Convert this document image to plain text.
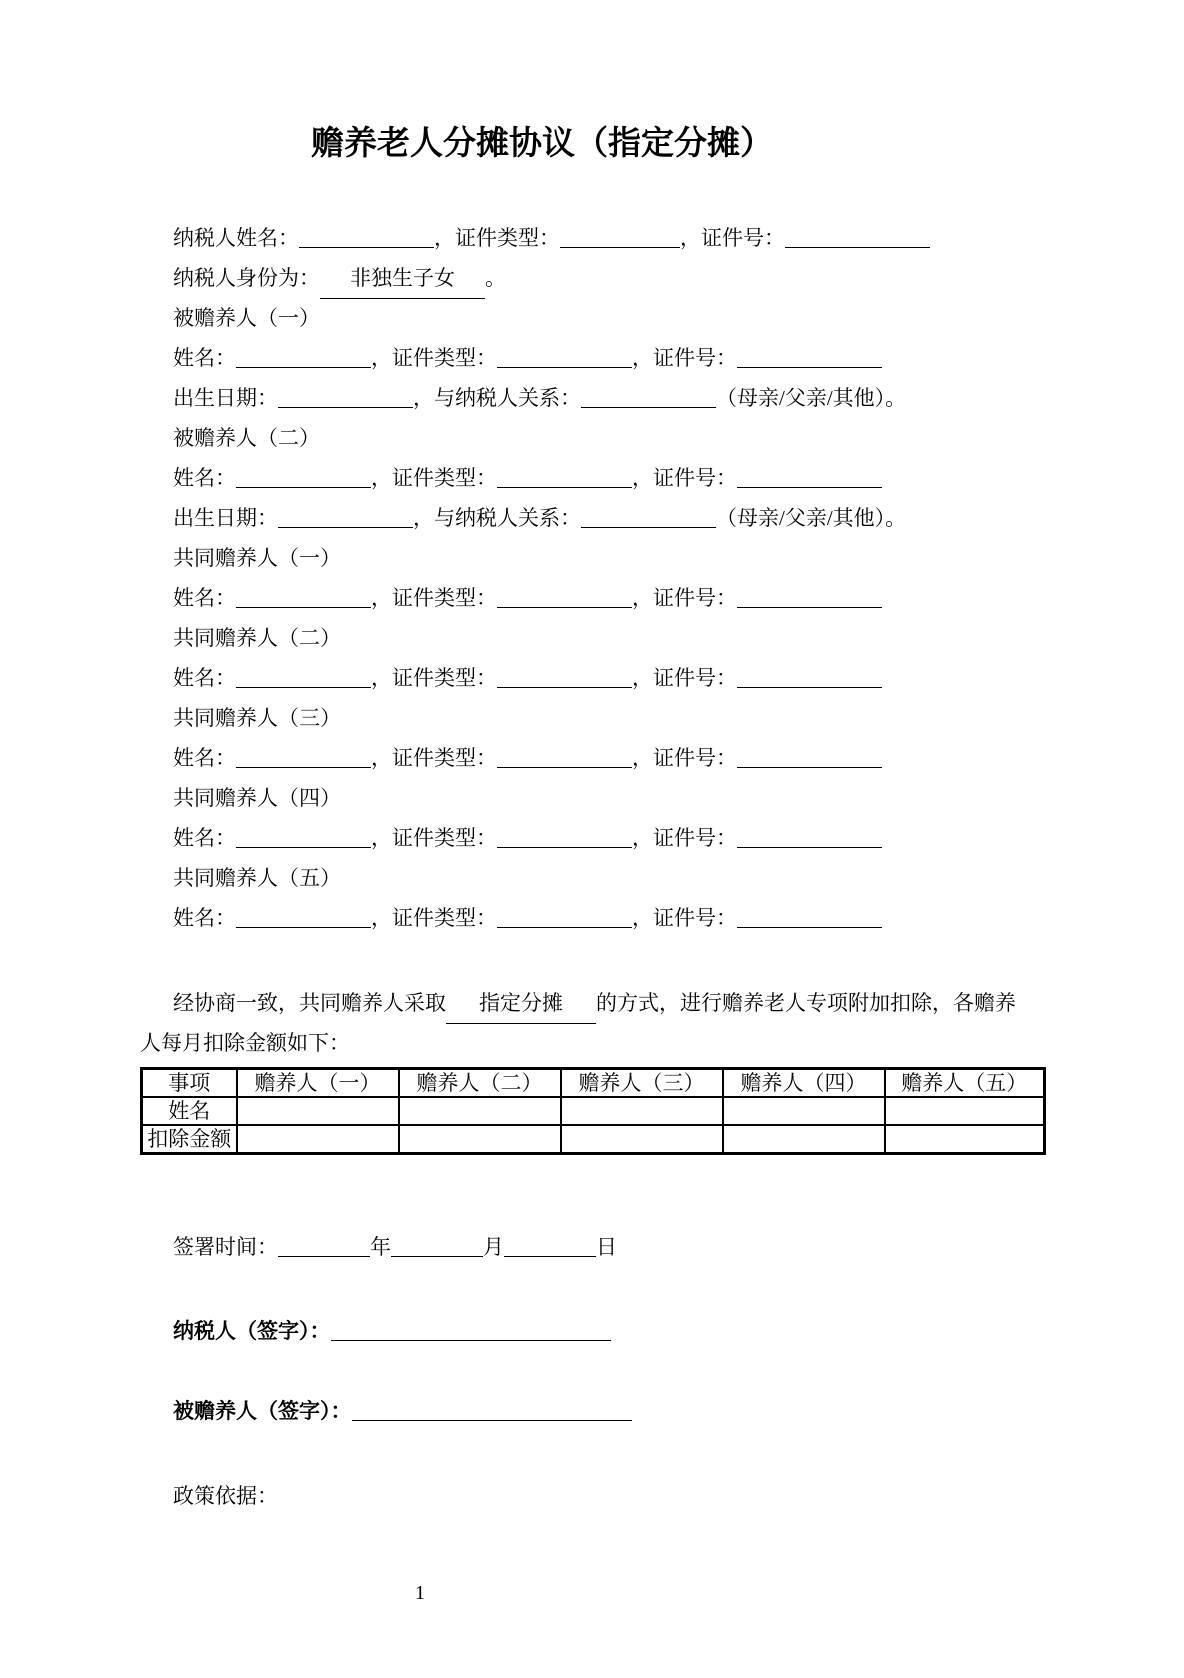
赡养老人分摊协议（指定分摊）
纳税人姓名：	，证件类型：	，证件号：
纳税人身份为： 非独生子女 。
被赡养人（一）
姓名：	，证件类型：	，证件号：
出生日期：	，与纳税人关系：	（母亲/父亲/其他）。
被赡养人（二）
姓名：	，证件类型：	，证件号：
出生日期：	，与纳税人关系：	（母亲/父亲/其他）。
共同赡养人（一）
姓名：	，证件类型：	，证件号：
共同赡养人（二）
姓名：	，证件类型：	，证件号：
共同赡养人（三）
姓名：	，证件类型：	，证件号：
共同赡养人（四）
姓名：	，证件类型：	，证件号：
共同赡养人（五）
姓名：	，证件类型：	，证件号：
经协商一致，共同赡养人采取 指定分摊 的方式，进行赡养老人专项附加扣除，各赡养
人每月扣除金额如下：
事项	赡养人（一）	赡养人（二）	赡养人（三）	赡养人（四）	赡养人（五）
姓名					
扣除金额					
签署时间：	年	月	日
纳税人（签字）：
被赡养人（签字）：
政策依据：
1
